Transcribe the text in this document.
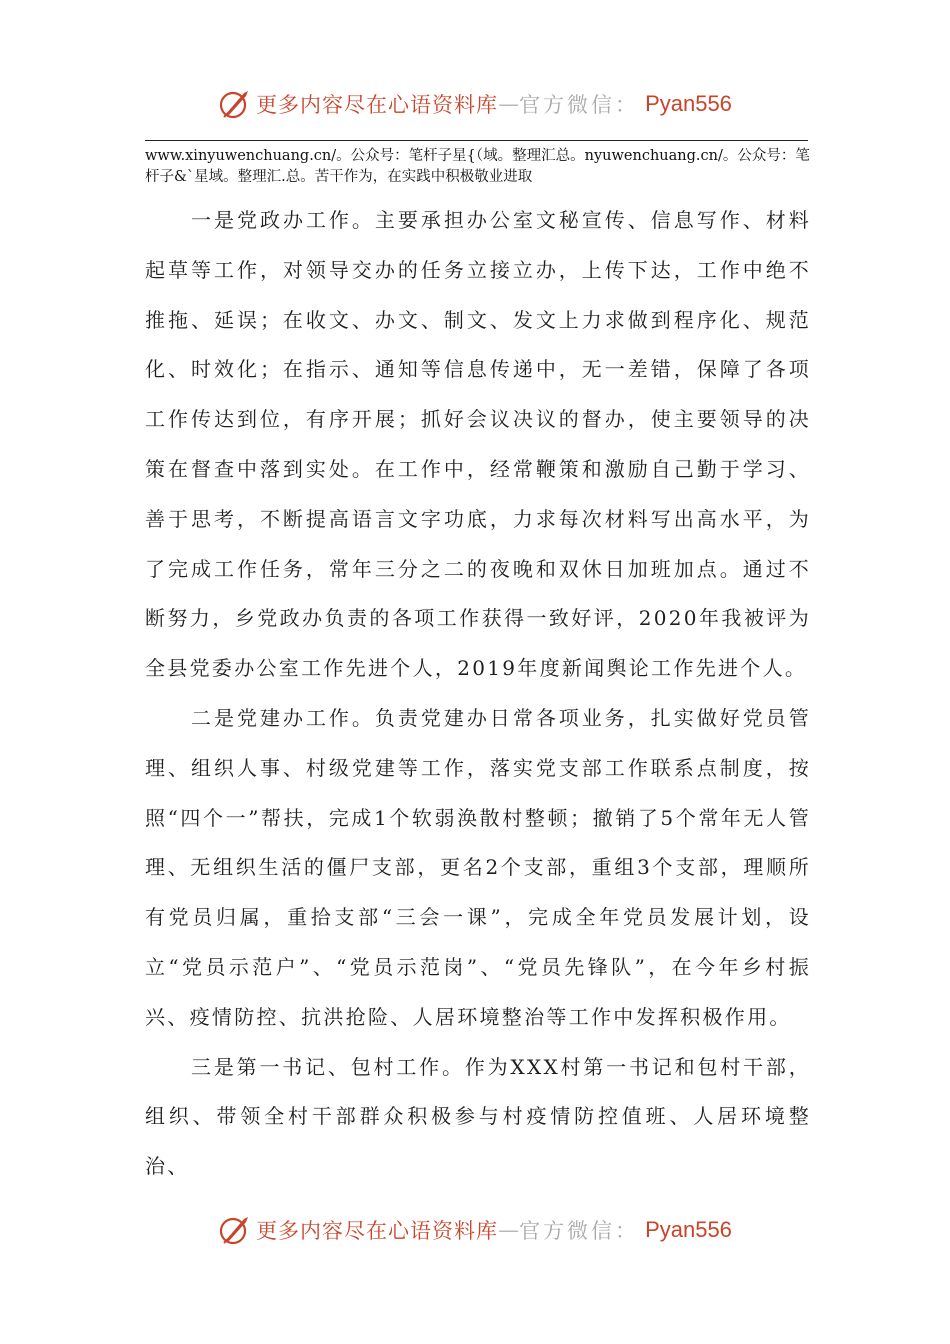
更多内容尽在心语资料库 — 官方微信： Pyan556
www.xinyuwenchuang.cn/。公众号：笔杆子星{（域。整理汇总。nyuwenchuang.cn/。公众号：笔杆子&`星域。整理汇.总。苦干作为，在实践中积极敬业进取

一是党政办工作。主要承担办公室文秘宣传、信息写作、材料起草等工作，对领导交办的任务立接立办，上传下达，工作中绝不推拖、延误；在收文、办文、制文、发文上力求做到程序化、规范化、时效化；在指示、通知等信息传递中，无一差错，保障了各项工作传达到位，有序开展；抓好会议决议的督办，使主要领导的决策在督查中落到实处。在工作中，经常鞭策和激励自己勤于学习、善于思考，不断提高语言文字功底，力求每次材料写出高水平，为了完成工作任务，常年三分之二的夜晚和双休日加班加点。通过不断努力，乡党政办负责的各项工作获得一致好评，2020年我被评为全县党委办公室工作先进个人，2019年度新闻舆论工作先进个人。

二是党建办工作。负责党建办日常各项业务，扎实做好党员管理、组织人事、村级党建等工作，落实党支部工作联系点制度，按照“四个一”帮扶，完成1个软弱涣散村整顿；撤销了5个常年无人管理、无组织生活的僵尸支部，更名2个支部，重组3个支部，理顺所有党员归属，重拾支部“三会一课”，完成全年党员发展计划，设立“党员示范户”、“党员示范岗”、“党员先锋队”，在今年乡村振兴、疫情防控、抗洪抢险、人居环境整治等工作中发挥积极作用。

三是第一书记、包村工作。作为XXX村第一书记和包村干部，组织、带领全村干部群众积极参与村疫情防控值班、人居环境整治、

更多内容尽在心语资料库 — 官方微信： Pyan556
